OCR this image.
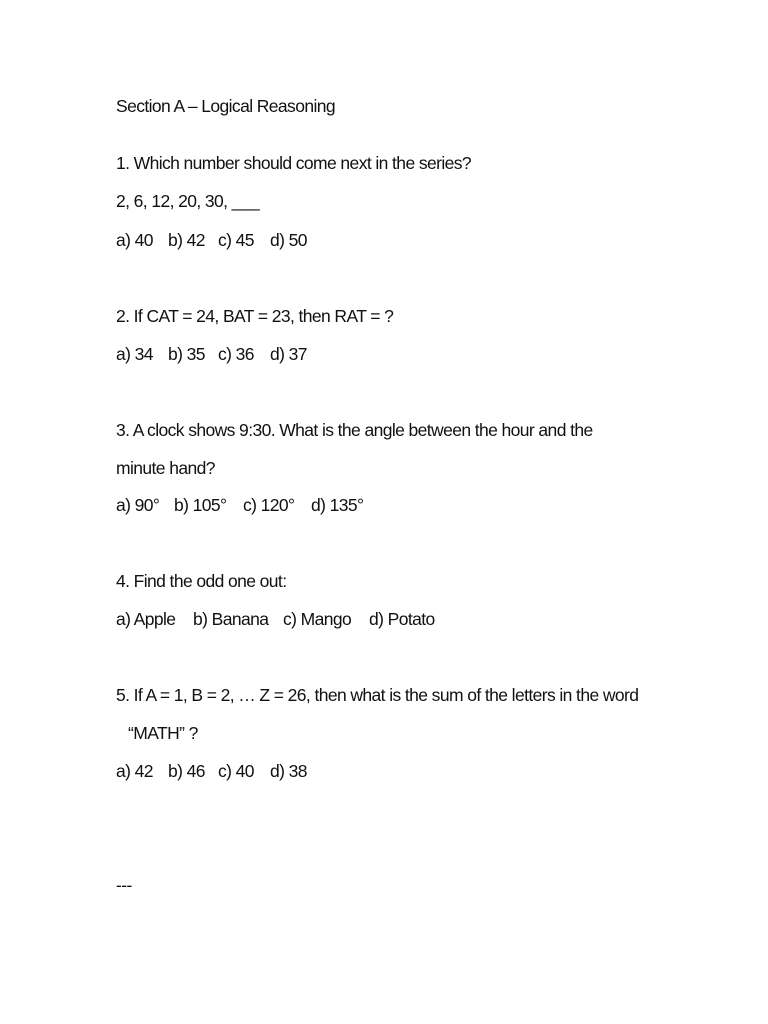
Section A – Logical Reasoning
1. Which number should come next in the series?
2, 6, 12, 20, 30, ___
a) 40 b) 42 c) 45 d) 50
2. If CAT = 24, BAT = 23, then RAT = ?
a) 34 b) 35 c) 36 d) 37
3. A clock shows 9:30. What is the angle between the hour and the
minute hand?
a) 90° b) 105° c) 120° d) 135°
4. Find the odd one out:
a) Apple b) Banana c) Mango d) Potato
5. If A = 1, B = 2, … Z = 26, then what is the sum of the letters in the word
“MATH” ?
a) 42 b) 46 c) 40 d) 38
---
